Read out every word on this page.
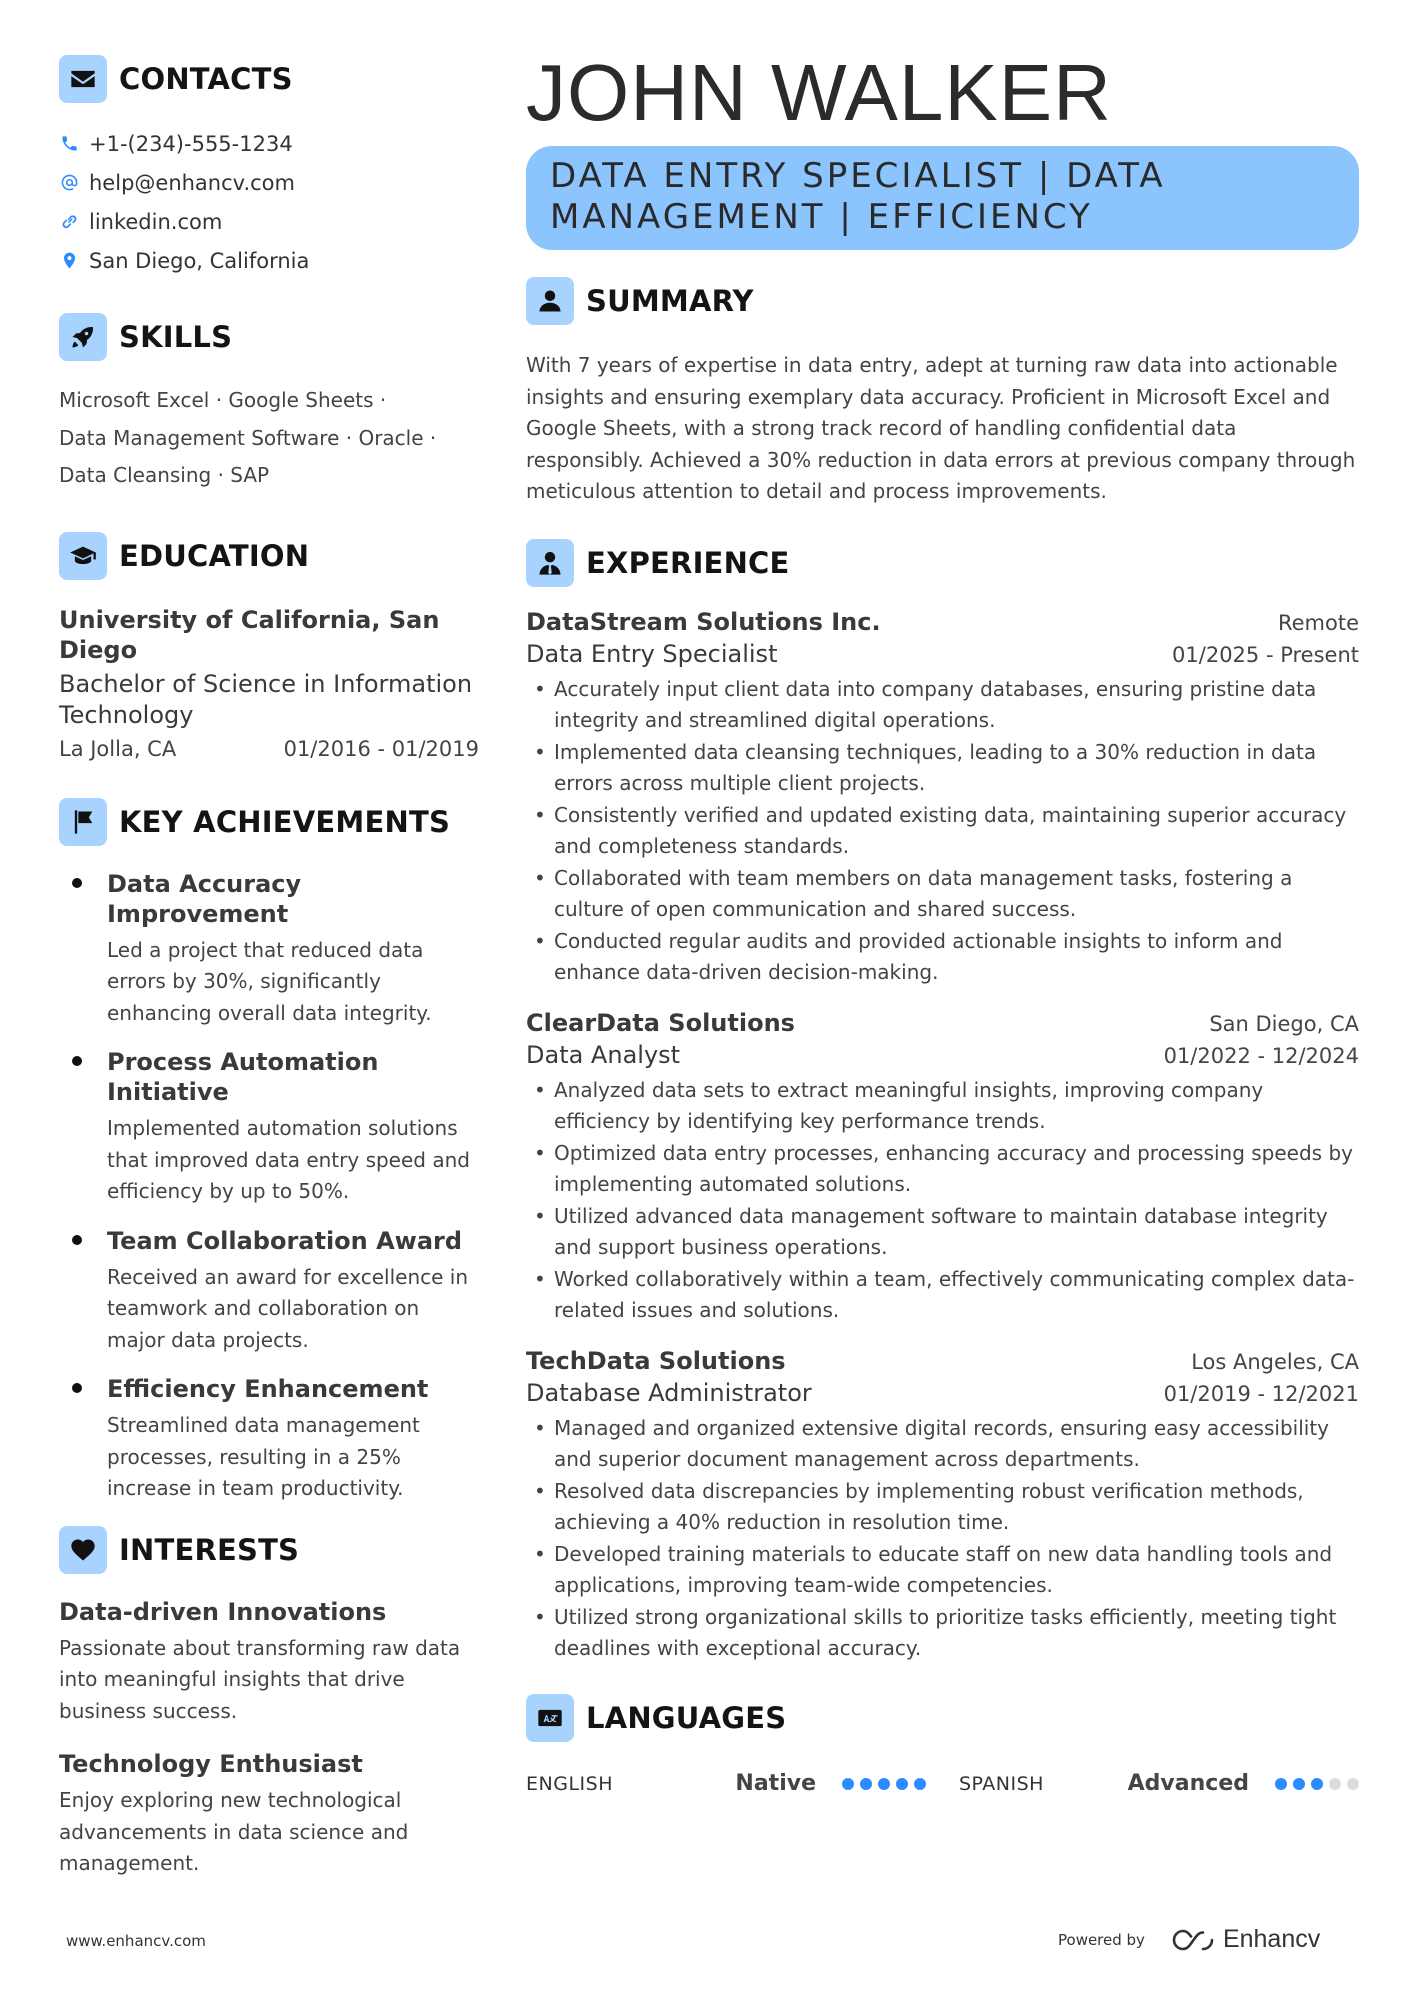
CONTACTS
+1-(234)-555-1234
help@enhancv.com
linkedin.com
San Diego, California
SKILLS
Microsoft Excel · Google Sheets ·
Data Management Software · Oracle ·
Data Cleansing · SAP
EDUCATION
University of California, San Diego
Bachelor of Science in Information Technology
La Jolla, CA	01/2016 - 01/2019
KEY ACHIEVEMENTS
Data Accuracy Improvement
Led a project that reduced data errors by 30%, significantly enhancing overall data integrity.
Process Automation Initiative
Implemented automation solutions that improved data entry speed and efficiency by up to 50%.
Team Collaboration Award
Received an award for excellence in teamwork and collaboration on major data projects.
Efficiency Enhancement
Streamlined data management processes, resulting in a 25% increase in team productivity.
INTERESTS
Data-driven Innovations
Passionate about transforming raw data into meaningful insights that drive business success.
Technology Enthusiast
Enjoy exploring new technological advancements in data science and management.
JOHN WALKER
DATA ENTRY SPECIALIST | DATA MANAGEMENT | EFFICIENCY
SUMMARY

With 7 years of expertise in data entry, adept at turning raw data into actionable insights and ensuring exemplary data accuracy. Proficient in Microsoft Excel and Google Sheets, with a strong track record of handling confidential data responsibly. Achieved a 30% reduction in data errors at previous company through meticulous attention to detail and process improvements.

EXPERIENCE
DataStream Solutions Inc.	Remote
Data Entry Specialist	01/2025 - Present
• Accurately input client data into company databases, ensuring pristine data integrity and streamlined digital operations.
• Implemented data cleansing techniques, leading to a 30% reduction in data errors across multiple client projects.
• Consistently verified and updated existing data, maintaining superior accuracy and completeness standards.
• Collaborated with team members on data management tasks, fostering a culture of open communication and shared success.
• Conducted regular audits and provided actionable insights to inform and enhance data-driven decision-making.
ClearData Solutions	San Diego, CA
Data Analyst	01/2022 - 12/2024
• Analyzed data sets to extract meaningful insights, improving company efficiency by identifying key performance trends.
• Optimized data entry processes, enhancing accuracy and processing speeds by implementing automated solutions.
• Utilized advanced data management software to maintain database integrity and support business operations.
• Worked collaboratively within a team, effectively communicating complex data-related issues and solutions.
TechData Solutions	Los Angeles, CA
Database Administrator	01/2019 - 12/2021
• Managed and organized extensive digital records, ensuring easy accessibility and superior document management across departments.
• Resolved data discrepancies by implementing robust verification methods, achieving a 40% reduction in resolution time.
• Developed training materials to educate staff on new data handling tools and applications, improving team-wide competencies.
• Utilized strong organizational skills to prioritize tasks efficiently, meeting tight deadlines with exceptional accuracy.
LANGUAGES
ENGLISH	Native	SPANISH	Advanced
www.enhancv.com	Powered by	Enhancv
